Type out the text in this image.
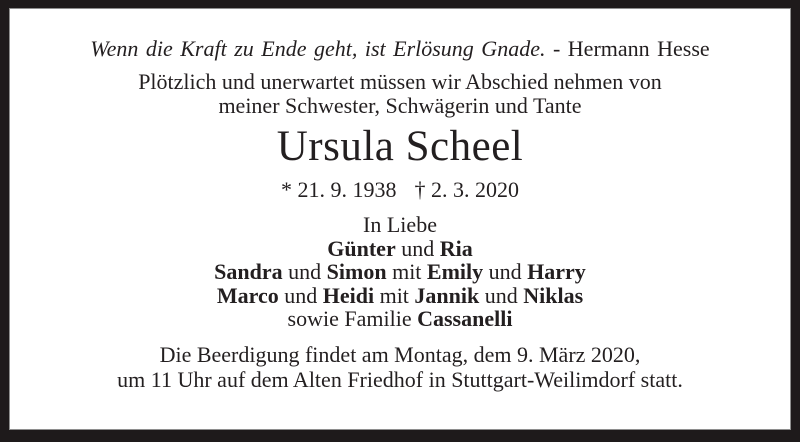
Wenn die Kraft zu Ende geht, ist Erlösung Gnade. - Hermann Hesse
Plötzlich und unerwartet müssen wir Abschied nehmen von
meiner Schwester, Schwägerin und Tante
Ursula Scheel
* 21. 9. 1938 † 2. 3. 2020
In Liebe
Günter und Ria
Sandra und Simon mit Emily und Harry
Marco und Heidi mit Jannik und Niklas
sowie Familie Cassanelli
Die Beerdigung findet am Montag, dem 9. März 2020,
um 11 Uhr auf dem Alten Friedhof in Stuttgart-Weilimdorf statt.
